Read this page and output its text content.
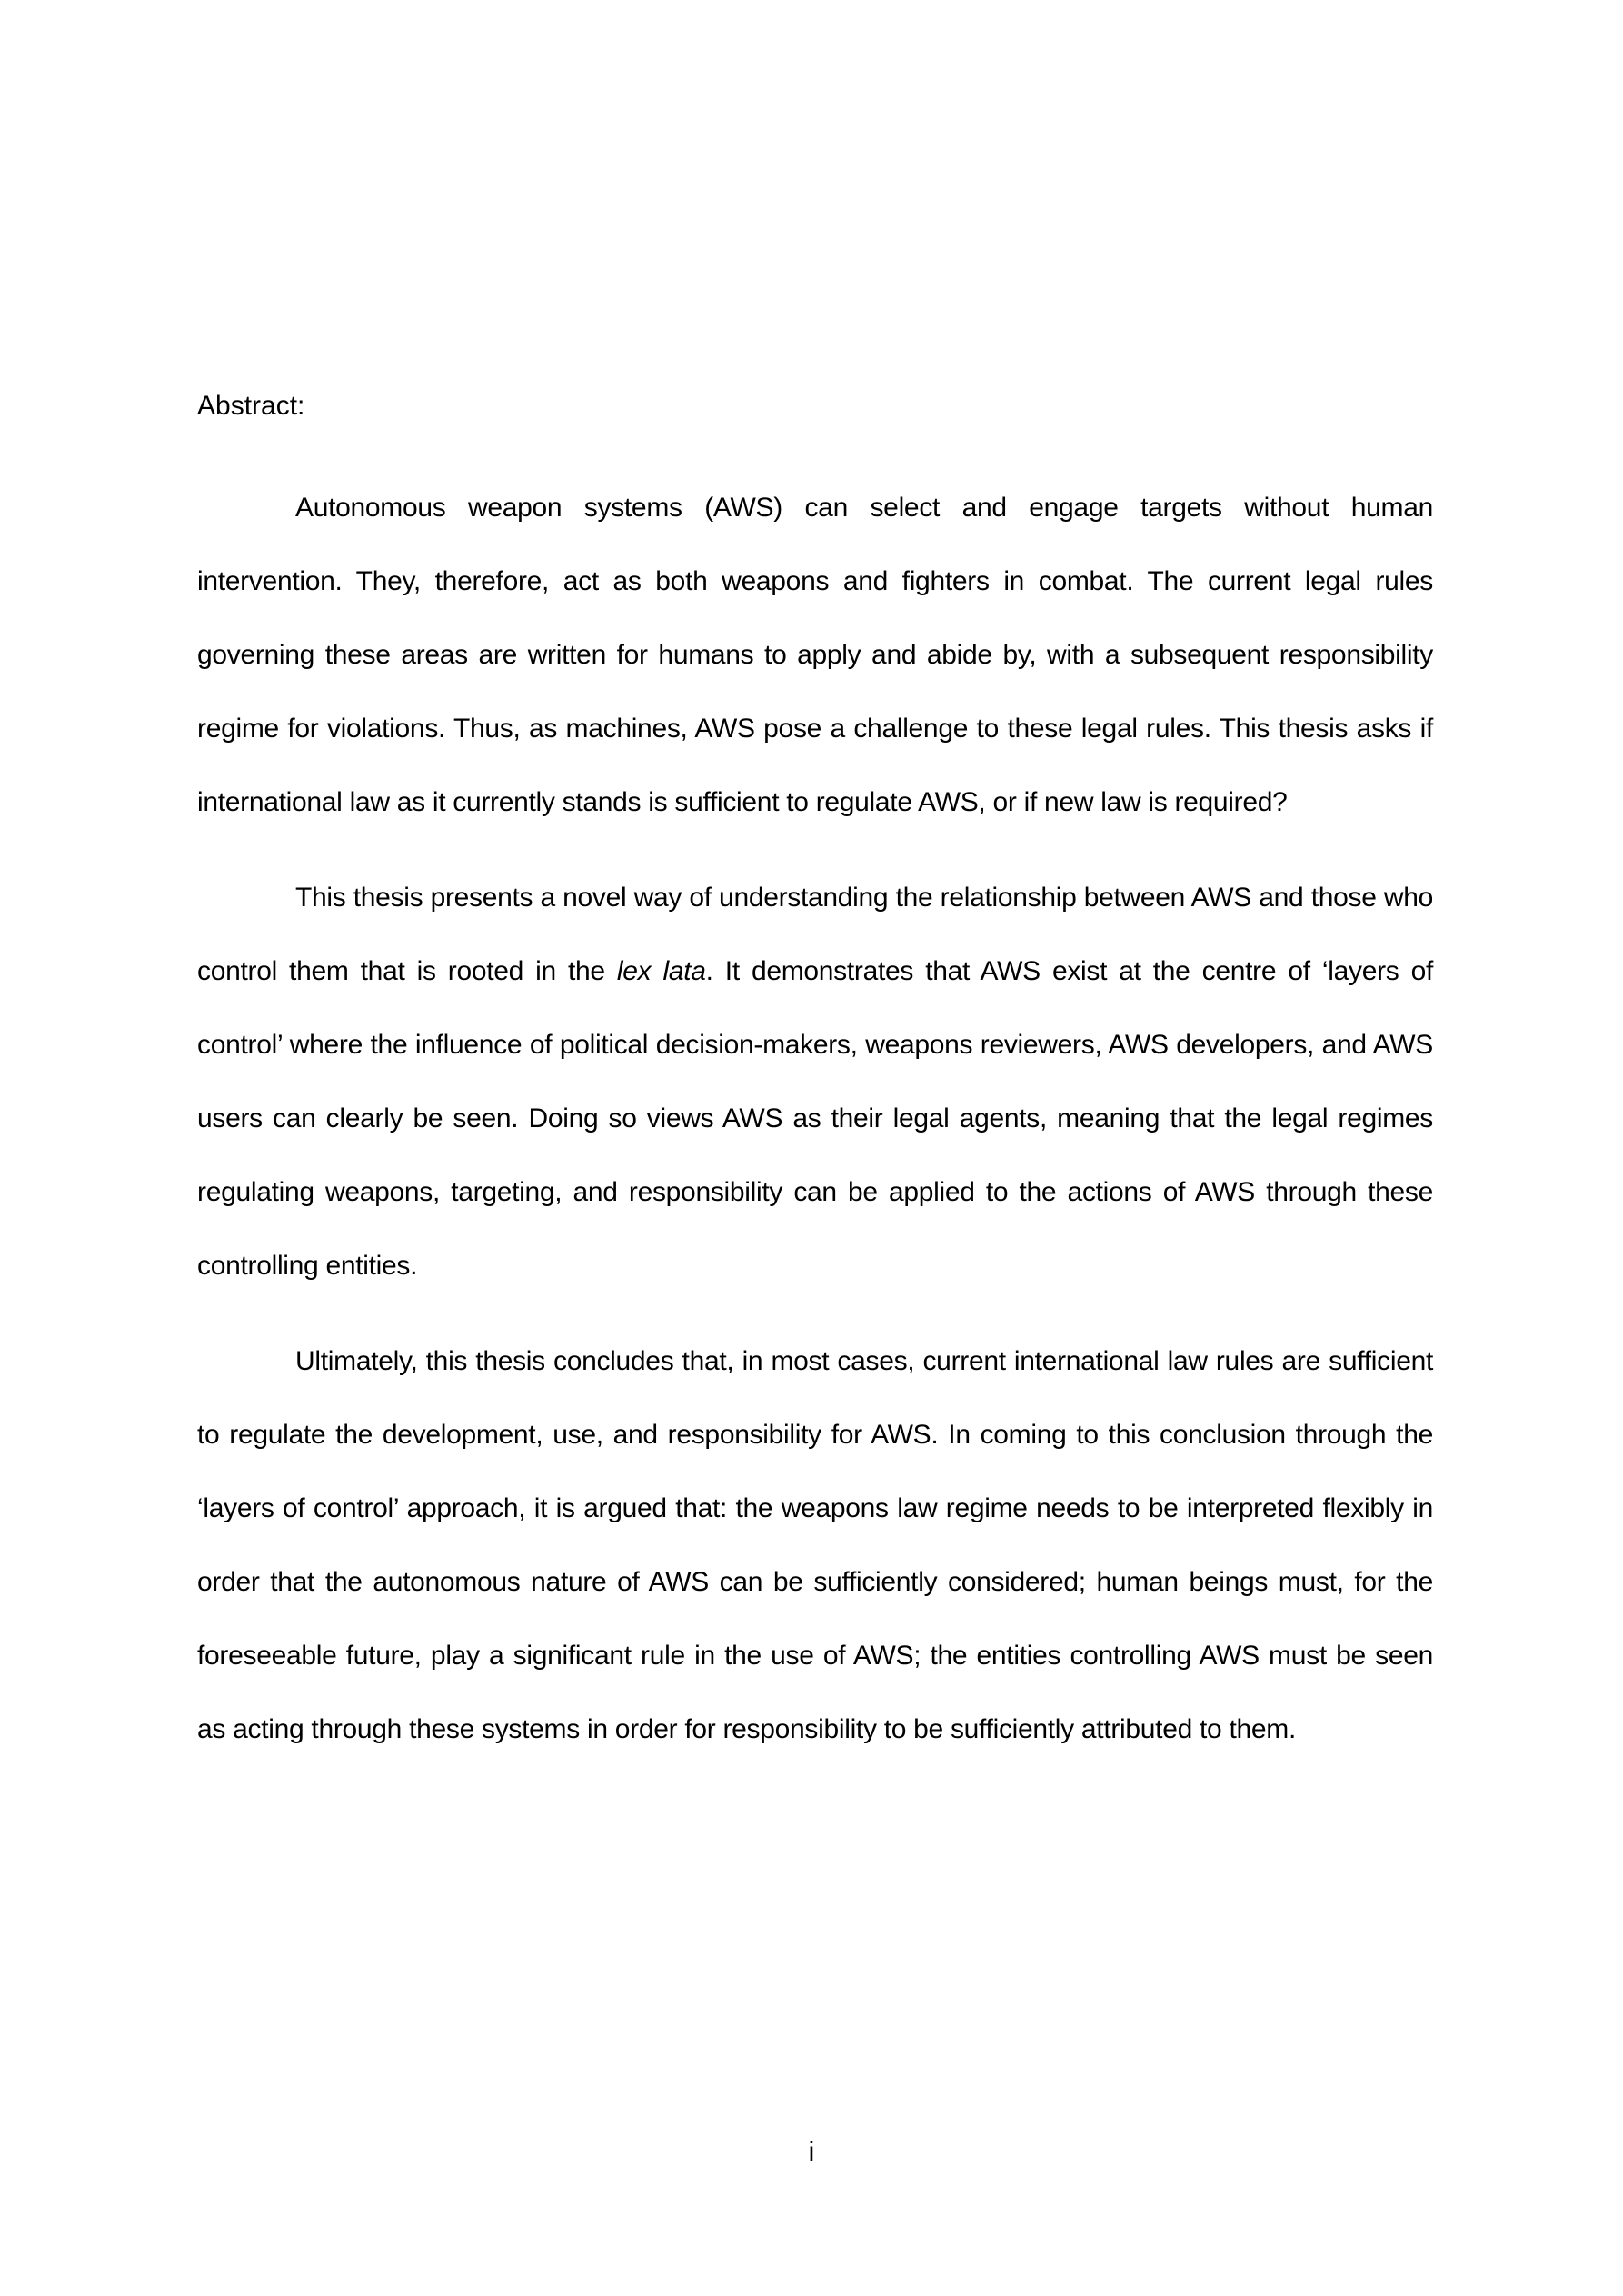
Abstract:

Autonomous weapon systems (AWS) can select and engage targets without human intervention. They, therefore, act as both weapons and fighters in combat. The current legal rules governing these areas are written for humans to apply and abide by, with a subsequent responsibility regime for violations. Thus, as machines, AWS pose a challenge to these legal rules. This thesis asks if international law as it currently stands is sufficient to regulate AWS, or if new law is required?

This thesis presents a novel way of understanding the relationship between AWS and those who control them that is rooted in the lex lata. It demonstrates that AWS exist at the centre of ‘layers of control’ where the influence of political decision-makers, weapons reviewers, AWS developers, and AWS users can clearly be seen. Doing so views AWS as their legal agents, meaning that the legal regimes regulating weapons, targeting, and responsibility can be applied to the actions of AWS through these controlling entities.

Ultimately, this thesis concludes that, in most cases, current international law rules are sufficient to regulate the development, use, and responsibility for AWS. In coming to this conclusion through the ‘layers of control’ approach, it is argued that: the weapons law regime needs to be interpreted flexibly in order that the autonomous nature of AWS can be sufficiently considered; human beings must, for the foreseeable future, play a significant rule in the use of AWS; the entities controlling AWS must be seen as acting through these systems in order for responsibility to be sufficiently attributed to them.

i
